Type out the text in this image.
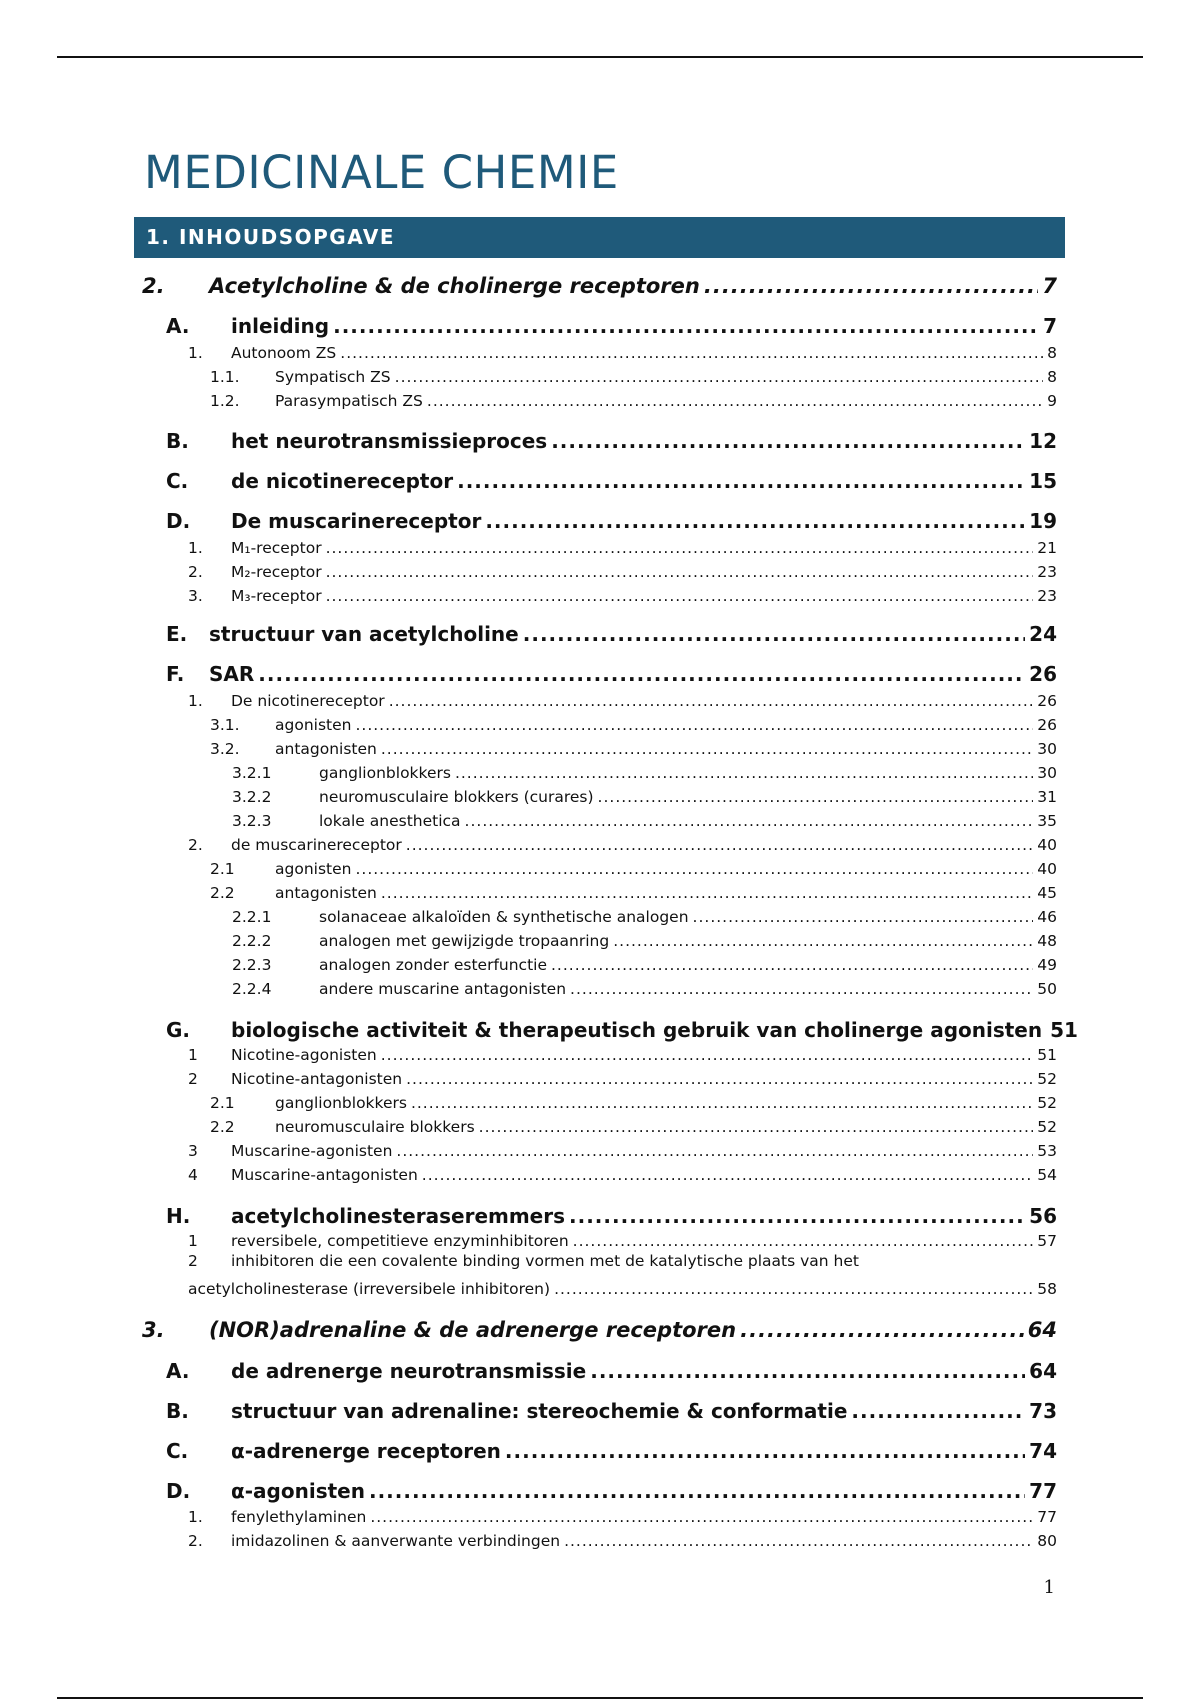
MEDICINALE CHEMIE
1. INHOUDSOPGAVE
2. Acetylcholine & de cholinerge receptoren .....	7
A. inleiding .....	7
1. Autonoom ZS .....	8
1.1. Sympatisch ZS .....	8
1.2. Parasympatisch ZS .....	9
B. het neurotransmissieproces .....	12
C. de nicotinereceptor .....	15
D. De muscarinereceptor .....	19
1. M₁-receptor .....	21
2. M₂-receptor .....	23
3. M₃-receptor .....	23
E. structuur van acetylcholine .....	24
F. SAR .....	26
1. De nicotinereceptor .....	26
3.1. agonisten .....	26
3.2. antagonisten .....	30
3.2.1	ganglionblokkers .....	30
3.2.2	neuromusculaire blokkers (curares) .....	31
3.2.3	lokale anesthetica .....	35
2. de muscarinereceptor .....	40
2.1	agonisten .....	40
2.2	antagonisten .....	45
2.2.1	solanaceae alkaloïden & synthetische analogen .....	46
2.2.2	analogen met gewijzigde tropaanring .....	48
2.2.3	analogen zonder esterfunctie .....	49
2.2.4	andere muscarine antagonisten .....	50
G. biologische activiteit & therapeutisch gebruik van cholinerge agonisten 51
1 Nicotine-agonisten .....	51
2 Nicotine-antagonisten .....	52
2.1	ganglionblokkers .....	52
2.2	neuromusculaire blokkers .....	52
3 Muscarine-agonisten .....	53
4 Muscarine-antagonisten .....	54
H. acetylcholinesteraseremmers .....	56
1 reversibele, competitieve enzyminhibitoren .....	57
2 inhibitoren die een covalente binding vormen met de katalytische plaats van het
acetylcholinesterase (irreversibele inhibitoren) .....	58
3. (NOR)adrenaline & de adrenerge receptoren .....	64
A. de adrenerge neurotransmissie .....	64
B. structuur van adrenaline: stereochemie & conformatie .....	73
C. α-adrenerge receptoren .....	74
D. α-agonisten .....	77
1. fenylethylaminen .....	77
2. imidazolinen & aanverwante verbindingen .....	80
1
